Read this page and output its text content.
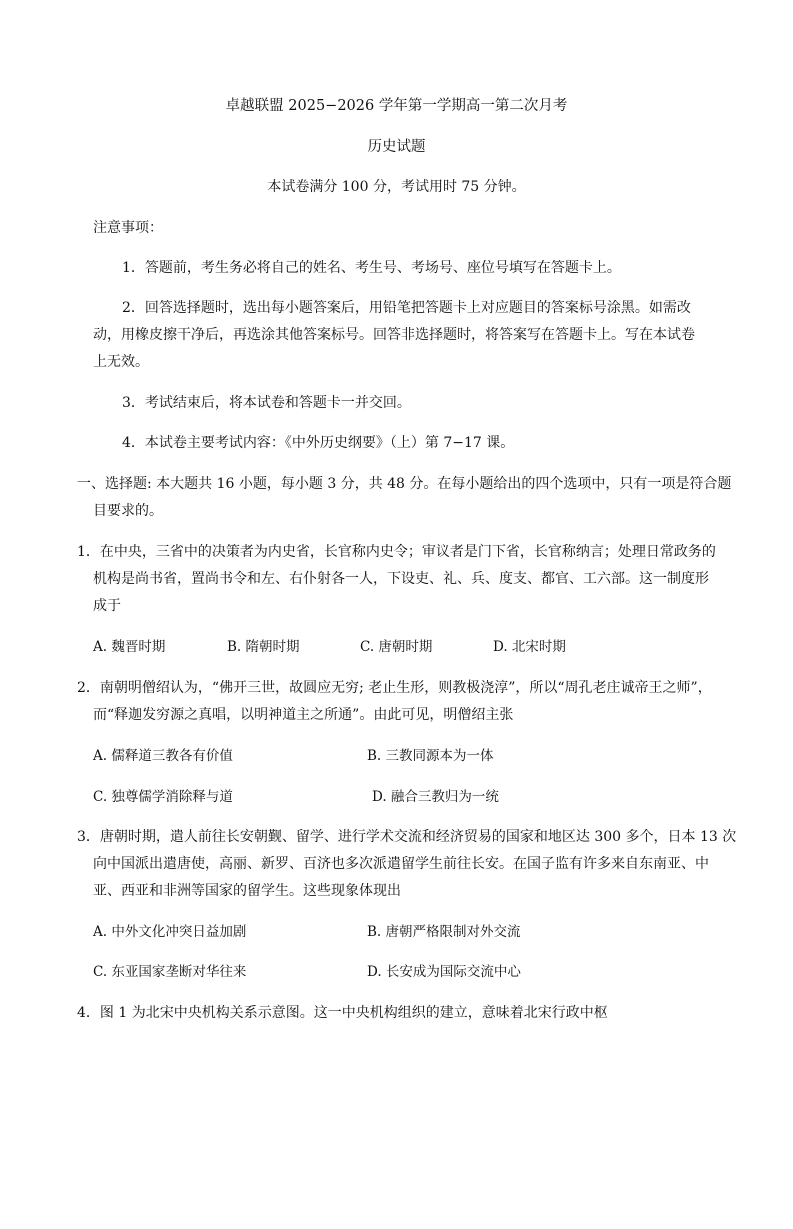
卓越联盟 2025−2026 学年第一学期高一第二次月考
历史试题
本试卷满分 100 分，考试用时 75 分钟。
注意事项：
1．答题前，考生务必将自己的姓名、考生号、考场号、座位号填写在答题卡上。
2．回答选择题时，选出每小题答案后，用铅笔把答题卡上对应题目的答案标号涂黑。如需改
动，用橡皮擦干净后，再选涂其他答案标号。回答非选择题时，将答案写在答题卡上。写在本试卷
上无效。
3．考试结束后，将本试卷和答题卡一并交回。
4．本试卷主要考试内容：《中外历史纲要》（上）第 7−17 课。
一、选择题: 本大题共 16 小题，每小题 3 分，共 48 分。在每小题给出的四个选项中，只有一项是符合题
目要求的。
1．在中央，三省中的决策者为内史省，长官称内史令；审议者是门下省，长官称纳言；处理日常政务的
机构是尚书省，置尚书令和左、右仆射各一人，下设吏、礼、兵、度支、都官、工六部。这一制度形
成于
A. 魏晋时期	B. 隋朝时期	C. 唐朝时期	D. 北宋时期
2．南朝明僧绍认为，“佛开三世，故圆应无穷; 老止生形，则教极浇淳”，所以“周孔老庄诚帝王之师”，
而“释迦发穷源之真唱，以明神道主之所通”。由此可见，明僧绍主张
A. 儒释道三教各有价值	B. 三教同源本为一体
C. 独尊儒学消除释与道	D. 融合三教归为一统
3．唐朝时期，遣人前往长安朝觐、留学、进行学术交流和经济贸易的国家和地区达 300 多个，日本 13 次
向中国派出遣唐使，高丽、新罗、百济也多次派遣留学生前往长安。在国子监有许多来自东南亚、中
亚、西亚和非洲等国家的留学生。这些现象体现出
A. 中外文化冲突日益加剧	B. 唐朝严格限制对外交流
C. 东亚国家垄断对华往来	D. 长安成为国际交流中心
4．图 1 为北宋中央机构关系示意图。这一中央机构组织的建立，意味着北宋行政中枢
